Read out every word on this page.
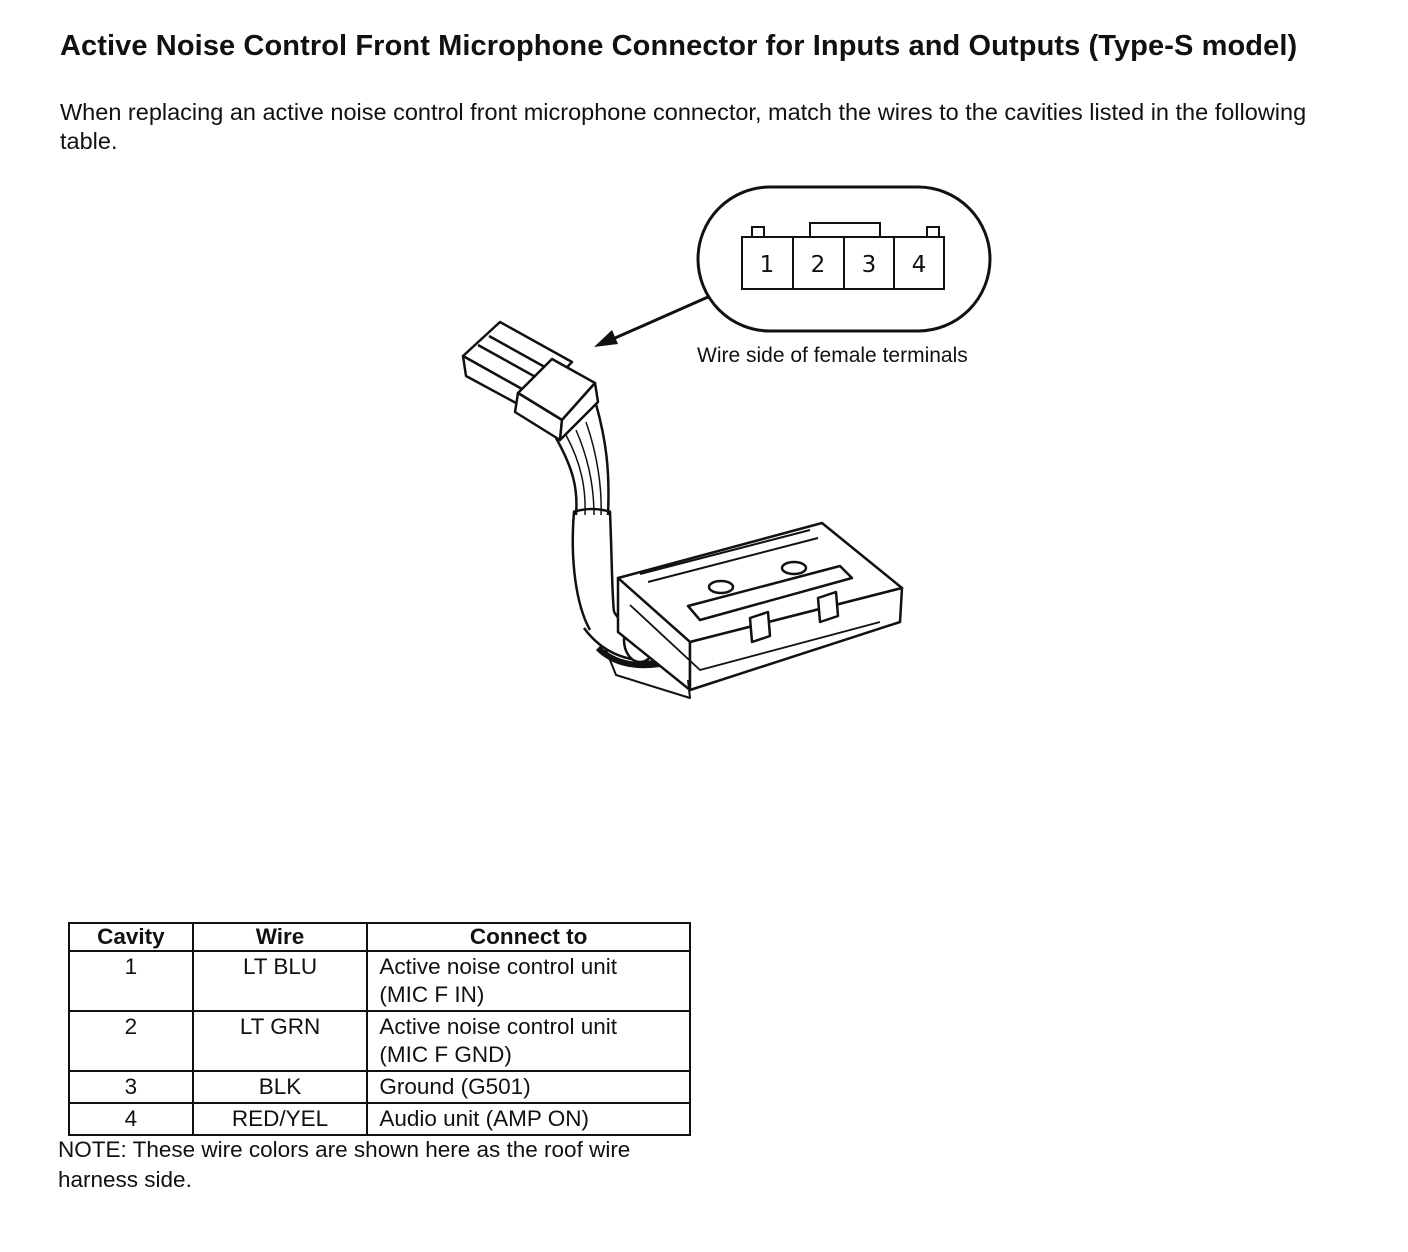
Active Noise Control Front Microphone Connector for Inputs and Outputs (Type-S model)
When replacing an active noise control front microphone connector, match the wires to the cavities listed in the following table.
1 2 3 4
Wire side of female terminals
Cavity	Wire	Connect to
1	LT BLU	Active noise control unit
(MIC F IN)

2	LT GRN	Active noise control unit
(MIC F GND)

3	BLK	Ground (G501)
4	RED/YEL	Audio unit (AMP ON)
NOTE: These wire colors are shown here as the roof wire harness side.
